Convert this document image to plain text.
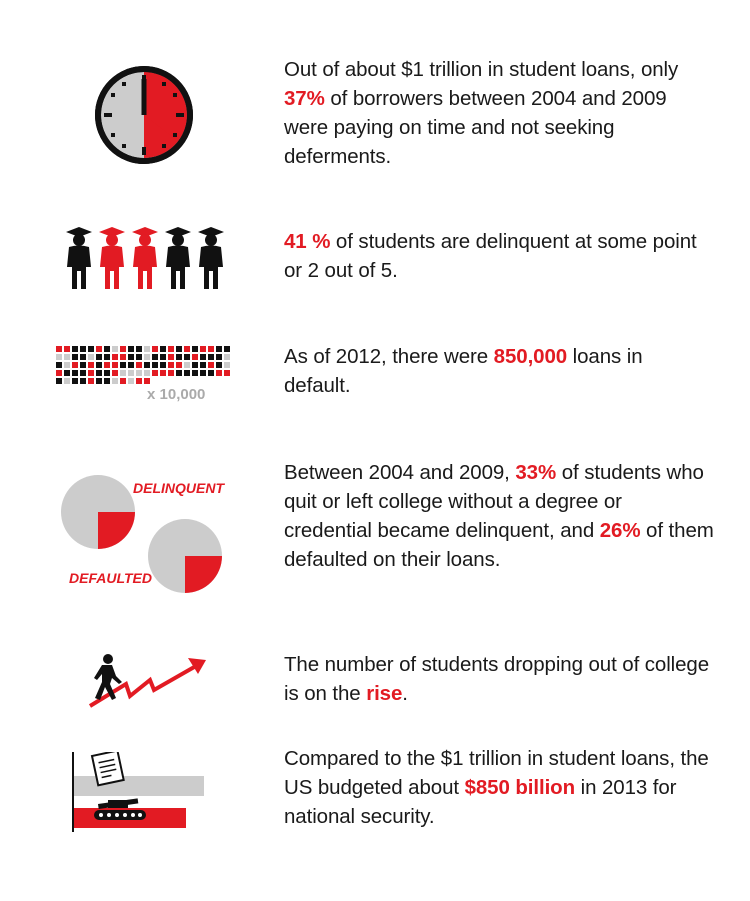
Out of about $1 trillion in student loans, only 37% of borrowers between 2004 and 2009 were paying on time and not seeking deferments.

41 % of students are delinquent at some point or 2 out of 5.

x 10,000

As of 2012, there were 850,000 loans in default.

DELINQUENT
DEFAULTED

Between 2004 and 2009, 33% of students who quit or left college without a degree or credential became delinquent, and 26% of them defaulted on their loans.

The number of students dropping out of college is on the rise.

Compared to the $1 trillion in student loans, the US budgeted about $850 billion in 2013 for national security.
